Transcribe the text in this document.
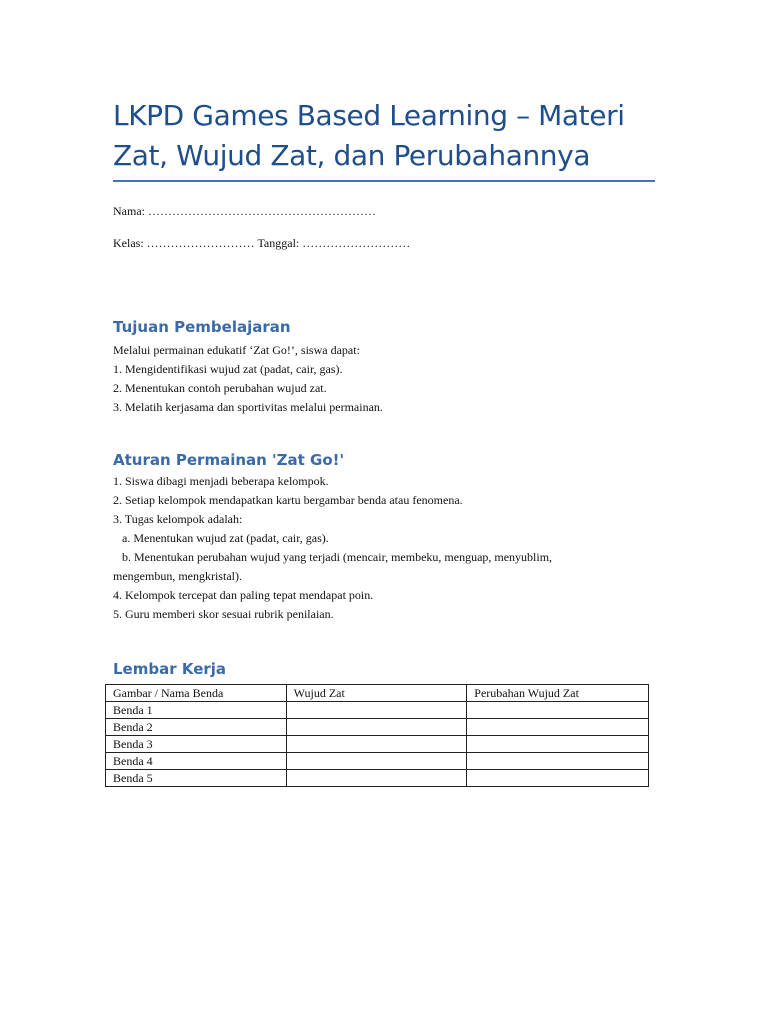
LKPD Games Based Learning – Materi
Zat, Wujud Zat, dan Perubahannya
Nama: …………………………………………………
Kelas: ……………………… Tanggal: ………………………
Tujuan Pembelajaran
Melalui permainan edukatif ‘Zat Go!’, siswa dapat:
1. Mengidentifikasi wujud zat (padat, cair, gas).
2. Menentukan contoh perubahan wujud zat.
3. Melatih kerjasama dan sportivitas melalui permainan.
Aturan Permainan 'Zat Go!'
1. Siswa dibagi menjadi beberapa kelompok.
2. Setiap kelompok mendapatkan kartu bergambar benda atau fenomena.
3. Tugas kelompok adalah:
a. Menentukan wujud zat (padat, cair, gas).
b. Menentukan perubahan wujud yang terjadi (mencair, membeku, menguap, menyublim,
mengembun, mengkristal).
4. Kelompok tercepat dan paling tepat mendapat poin.
5. Guru memberi skor sesuai rubrik penilaian.
Lembar Kerja
Gambar / Nama Benda	Wujud Zat	Perubahan Wujud Zat
Benda 1		
Benda 2		
Benda 3		
Benda 4		
Benda 5		
